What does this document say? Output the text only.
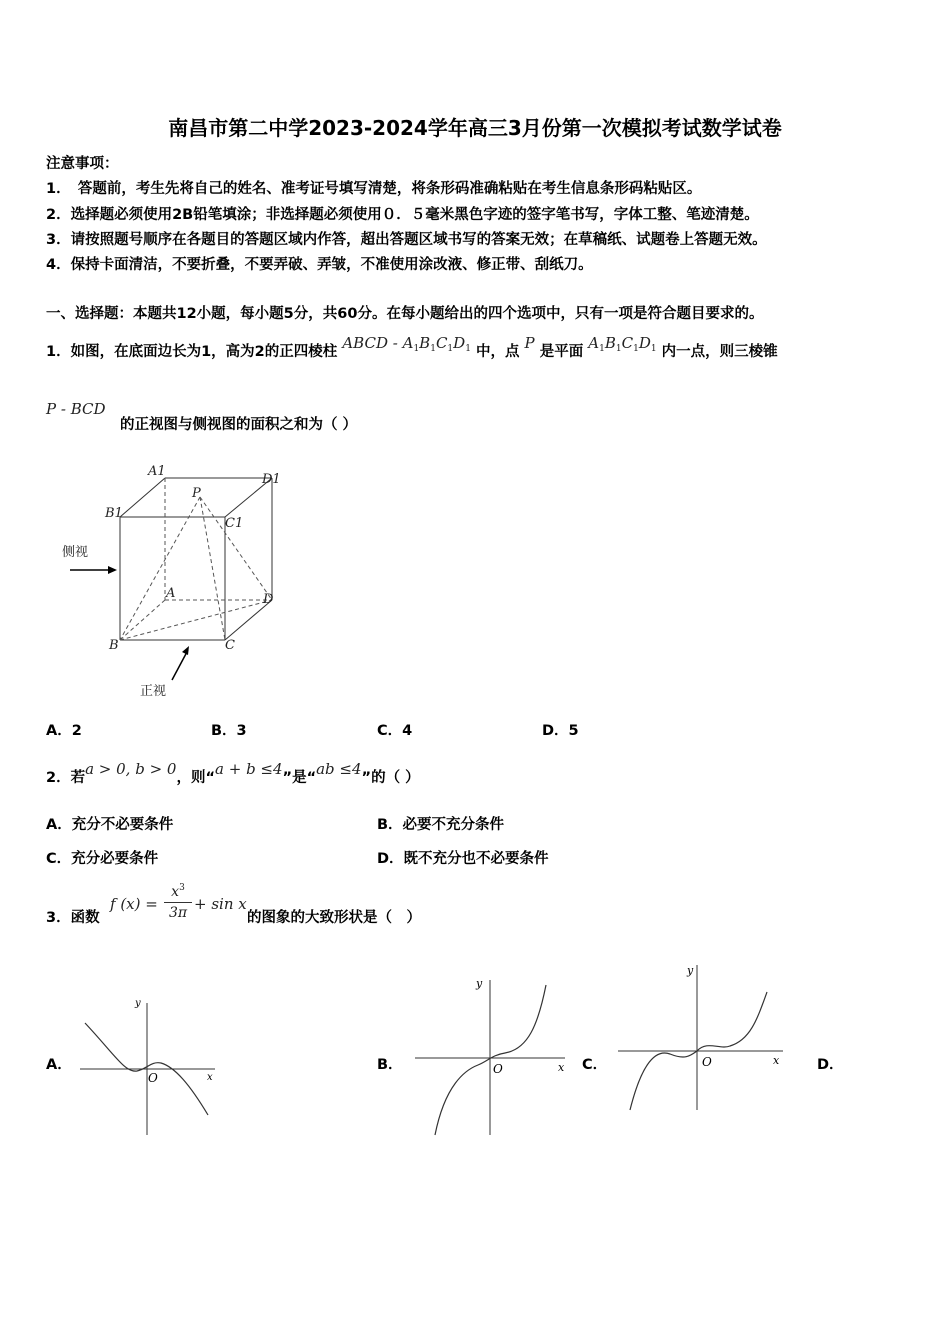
南昌市第二中学2023-2024学年高三3月份第一次模拟考试数学试卷
注意事项：
1．　答题前，考生先将自己的姓名、准考证号填写清楚，将条形码准确粘贴在考生信息条形码粘贴区。
2．选择题必须使用2B铅笔填涂；非选择题必须使用０．５毫米黑色字迹的签字笔书写，字体工整、笔迹清楚。
3．请按照题号顺序在各题目的答题区域内作答，超出答题区域书写的答案无效；在草稿纸、试题卷上答题无效。
4．保持卡面清洁，不要折叠，不要弄破、弄皱，不准使用涂改液、修正带、刮纸刀。
一、选择题：本题共12小题，每小题5分，共60分。在每小题给出的四个选项中，只有一项是符合题目要求的。
1．如图，在底面边长为1，高为2的正四棱柱 ABCD - $A_1B_1C_1D_1$ 中，点 P 是平面 $A_1B_1C_1D_1$ 内一点，则三棱锥
P - BCD
的正视图与侧视图的面积之和为（ ）
A1
D1
B1
C1
P
A	D
B	C
侧视
正视
A．2	B．3	C．4	D．5
2．若a > 0, b > 0，则“a + b ≤4”是“ab ≤4”的（ ）
A．充分不必要条件	B．必要不充分条件
C．充分必要条件	D．既不充分也不必要条件
3．函数
f (x) =
$x^3$
3π + sin x
的图象的大致形状是（　）
A．	B．	C．	D．
y
x
O
y
x
O
y
x
O
